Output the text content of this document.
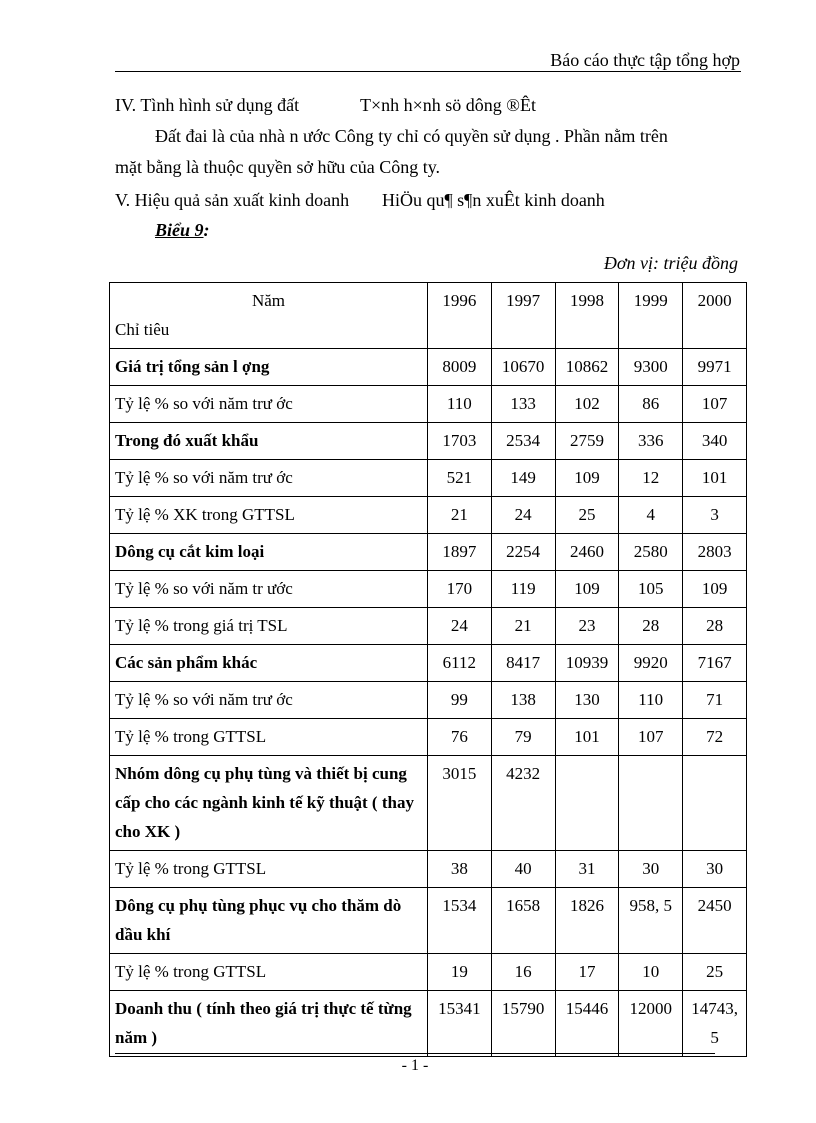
Báo cáo thực tập tổng hợp
IV. Tình hình sử dụng đất	T×nh h×nh sö dông ®Êt
Đất đai là của nhà n ước Công ty chỉ có quyền sử dụng . Phần nằm trên
mặt bằng là thuộc quyền sở hữu của Công ty.
V. Hiệu quả sản xuất kinh doanh HiÖu qu¶ s¶n xuÊt kinh doanh
Biểu 9:
Đơn vị: triệu đồng
Năm
Chỉ tiêu	1996	1997	1998	1999	2000
Giá trị tổng sản l ợng	8009	10670	10862	9300	9971
Tỷ lệ % so với năm trư ớc	110	133	102	86	107
Trong đó xuất khẩu	1703	2534	2759	336	340
Tỷ lệ % so với năm trư ớc	521	149	109	12	101
Tỷ lệ % XK trong GTTSL	21	24	25	4	3
Dông cụ cắt kim loại	1897	2254	2460	2580	2803
Tỷ lệ % so với năm tr ước	170	119	109	105	109
Tỷ lệ % trong giá trị TSL	24	21	23	28	28
Các sản phẩm khác	6112	8417	10939	9920	7167
Tỷ lệ % so với năm trư ớc	99	138	130	110	71
Tỷ lệ % trong GTTSL	76	79	101	107	72
Nhóm dông cụ phụ tùng và thiết bị cung cấp cho các ngành kinh tế kỹ thuật ( thay cho XK )	3015	4232			
Tỷ lệ % trong GTTSL	38	40	31	30	30
Dông cụ phụ tùng phục vụ cho thăm dò dầu khí	1534	1658	1826	958, 5	2450
Tỷ lệ % trong GTTSL	19	16	17	10	25
Doanh thu ( tính theo giá trị thực tế từng năm )	15341	15790	15446	12000	14743, 5
- 1 -
